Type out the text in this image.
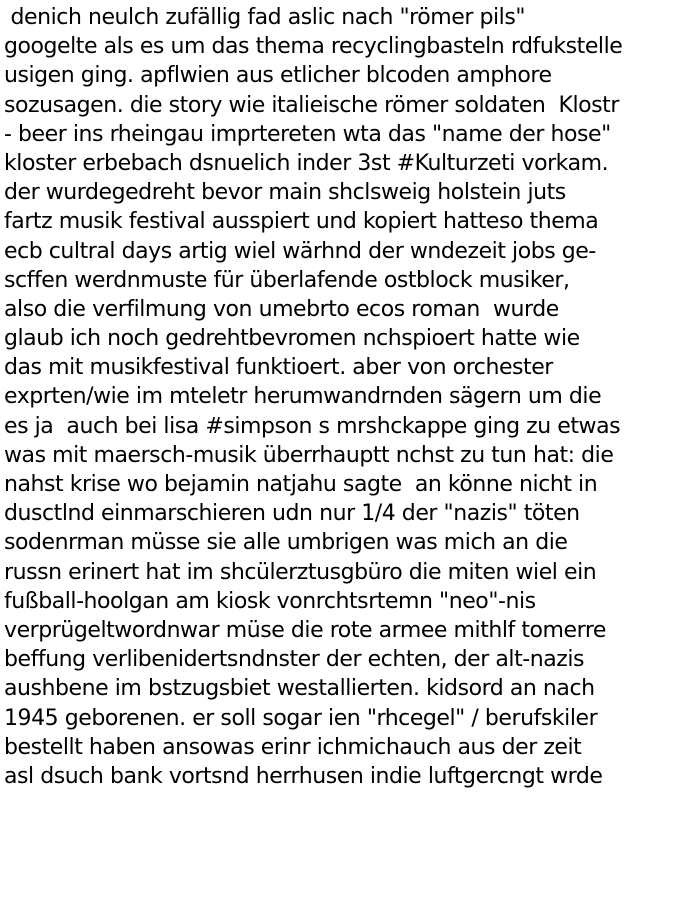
denich neulch zufällig fad aslic nach "römer pils"
googelte als es um das thema recyclingbasteln rdfukstelle
usigen ging. apflwien aus etlicher blcoden amphore
sozusagen. die story wie italieische römer soldaten  Klostr
- beer ins rheingau imprtereten wta das "name der hose"
kloster erbebach dsnuelich inder 3st #Kulturzeti vorkam.
der wurdegedreht bevor main shclsweig holstein juts
fartz musik festival ausspiert und kopiert hatteso thema
ecb cultral days artig wiel wärhnd der wndezeit jobs ge-
scffen werdnmuste für überlafende ostblock musiker,
also die verfilmung von umebrto ecos roman  wurde
glaub ich noch gedrehtbevromen nchspioert hatte wie
das mit musikfestival funktioert. aber von orchester
exprten/wie im mteletr herumwandrnden sägern um die
es ja  auch bei lisa #simpson s mrshckappe ging zu etwas
was mit maersch-musik überrhauptt nchst zu tun hat: die
nahst krise wo bejamin natjahu sagte  an könne nicht in
dusctlnd einmarschieren udn nur 1/4 der "nazis" töten
sodenrman müsse sie alle umbrigen was mich an die
russn erinert hat im shcülerztusgbüro die miten wiel ein
fußball-hoolgan am kiosk vonrchtsrtemn "neo"-nis
verprügeltwordnwar müse die rote armee mithlf tomerre
beffung verlibenidertsndnster der echten, der alt-nazis
aushbene im bstzugsbiet westallierten. kidsord an nach
1945 geborenen. er soll sogar ien "rhcegel" / berufskiler
bestellt haben ansowas erinr ichmichauch aus der zeit
asl dsuch bank vortsnd herrhusen indie luftgercngt wrde
